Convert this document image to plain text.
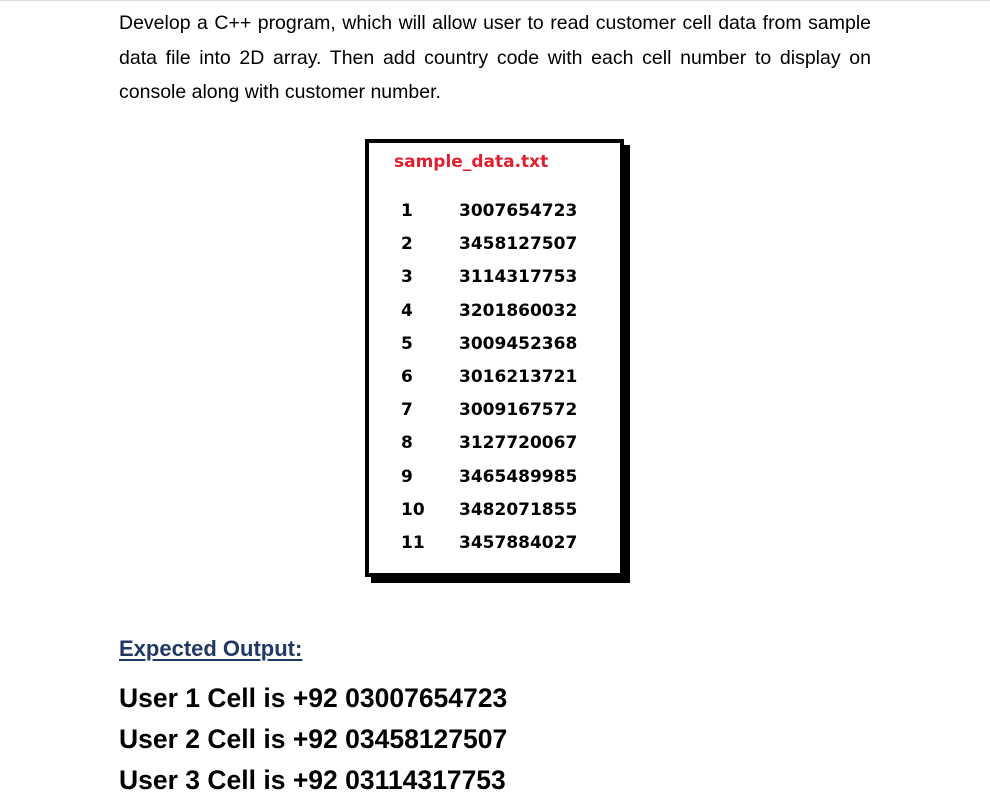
Develop a C++ program, which will allow user to read customer cell data from sample data file into 2D array. Then add country code with each cell number to display on console along with customer number.

sample_data.txt
1	3007654723
2	3458127507
3	3114317753
4	3201860032
5	3009452368
6	3016213721
7	3009167572
8	3127720067
9	3465489985
10 3482071855
11 3457884027
Expected Output:
User 1 Cell is +92 03007654723
User 2 Cell is +92 03458127507
User 3 Cell is +92 03114317753
